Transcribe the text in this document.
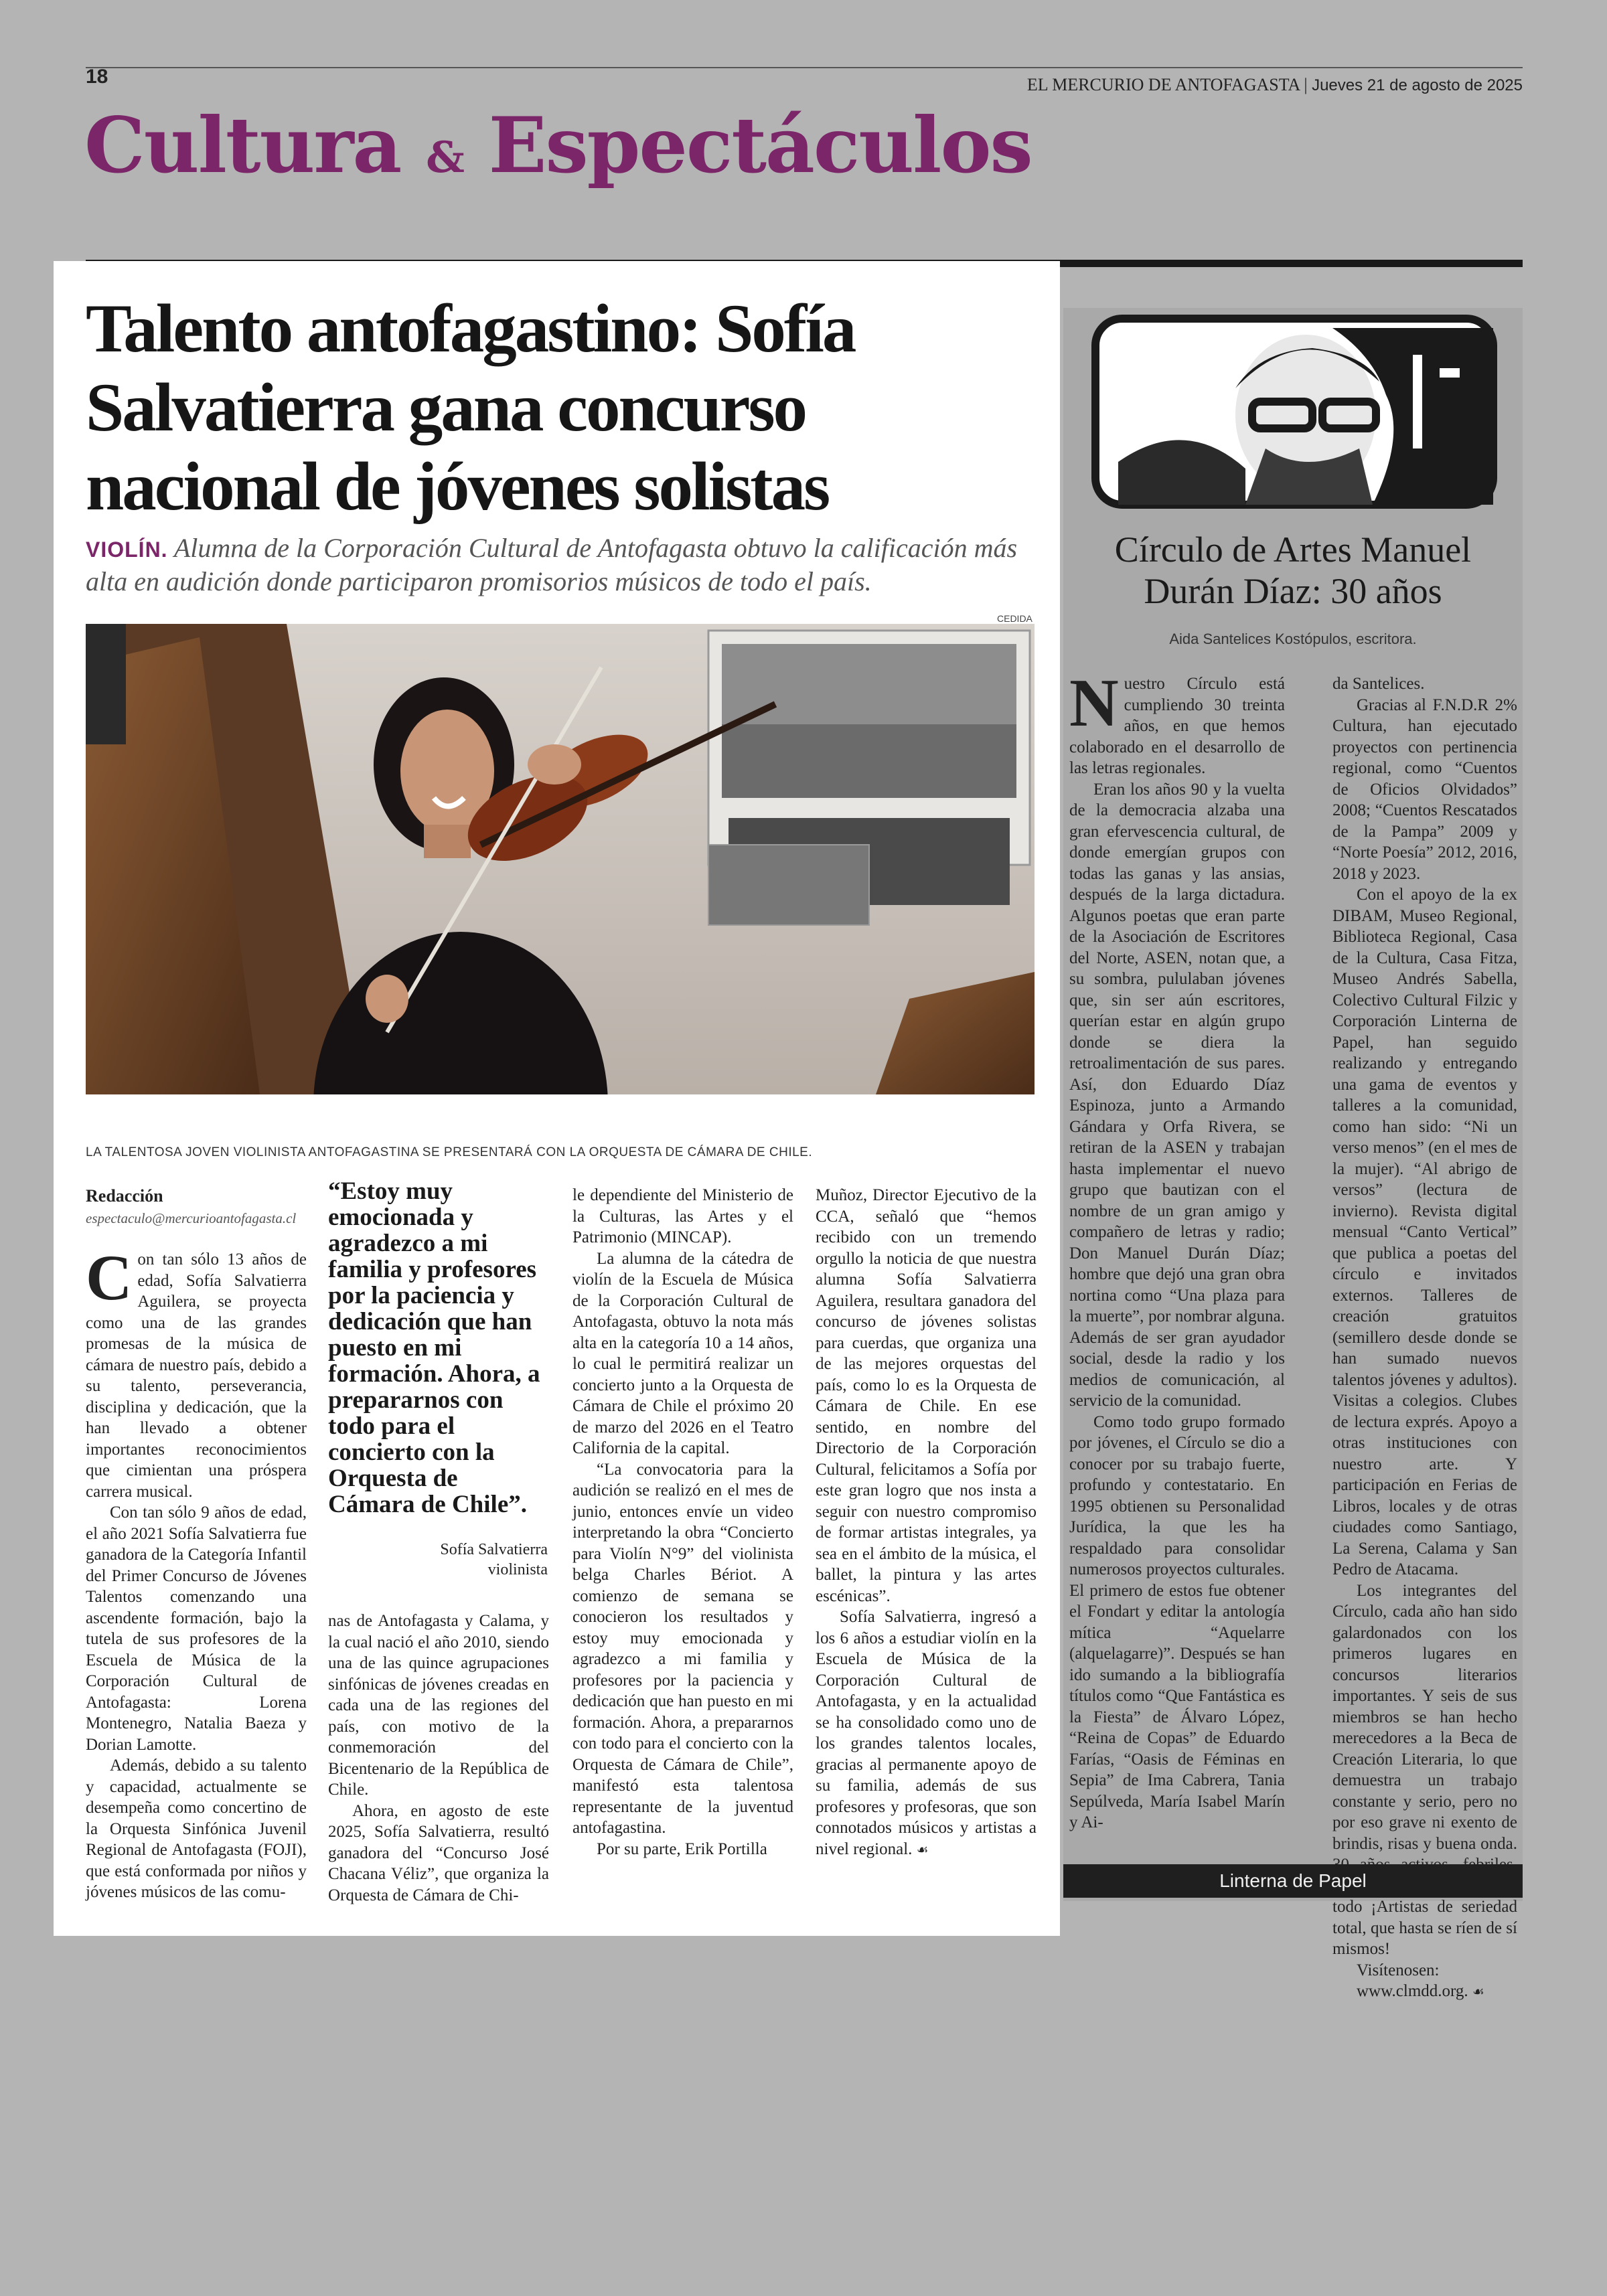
18	EL MERCURIO DE ANTOFAGASTA | Jueves 21 de agosto de 2025
Cultura & Espectáculos
Talento antofagastino: Sofía Salvatierra gana concurso nacional de jóvenes solistas
VIOLÍN. Alumna de la Corporación Cultural de Antofagasta obtuvo la calificación más alta en audición donde participaron promisorios músicos de todo el país.
CEDIDA
LA TALENTOSA JOVEN VIOLINISTA ANTOFAGASTINA SE PRESENTARÁ CON LA ORQUESTA DE CÁMARA DE CHILE.
Redacción
espectaculo@mercurioantofagasta.cl

Con tan sólo 13 años de edad, Sofía Salvatierra Aguilera, se proyecta como una de las grandes promesas de la música de cámara de nuestro país, debido a su talento, perseverancia, disciplina y dedicación, que la han llevado a obtener importantes reconocimientos que cimientan una próspera carrera musical.

Con tan sólo 9 años de edad, el año 2021 Sofía Salvatierra fue ganadora de la Categoría Infantil del Primer Concurso de Jóvenes Talentos comenzando una ascendente formación, bajo la tutela de sus profesores de la Escuela de Música de la Corporación Cultural de Antofagasta: Lorena Montenegro, Natalia Baeza y Dorian Lamotte.

Además, debido a su talento y capacidad, actualmente se desempeña como concertino de la Orquesta Sinfónica Juvenil Regional de Antofagasta (FOJI), que está conformada por niños y jóvenes músicos de las comu-

“Estoy muy emocionada y agradezco a mi familia y profesores por la paciencia y dedicación que han puesto en mi formación. Ahora, a prepararnos con todo para el concierto con la Orquesta de Cámara de Chile”.
Sofía Salvatierra
violinista

nas de Antofagasta y Calama, y la cual nació el año 2010, siendo una de las quince agrupaciones sinfónicas de jóvenes creadas en cada una de las regiones del país, con motivo de la conmemoración del Bicentenario de la República de Chile.

Ahora, en agosto de este 2025, Sofía Salvatierra, resultó ganadora del “Concurso José Chacana Véliz”, que organiza la Orquesta de Cámara de Chi-

le dependiente del Ministerio de la Culturas, las Artes y el Patrimonio (MINCAP).

La alumna de la cátedra de violín de la Escuela de Música de la Corporación Cultural de Antofagasta, obtuvo la nota más alta en la categoría 10 a 14 años, lo cual le permitirá realizar un concierto junto a la Orquesta de Cámara de Chile el próximo 20 de marzo del 2026 en el Teatro California de la capital.

“La convocatoria para la audición se realizó en el mes de junio, entonces envíe un video interpretando la obra “Concierto para Violín N°9” del violinista belga Charles Bériot. A comienzo de semana se conocieron los resultados y estoy muy emocionada y agradezco a mi familia y profesores por la paciencia y dedicación que han puesto en mi formación. Ahora, a prepararnos con todo para el concierto con la Orquesta de Cámara de Chile”, manifestó esta talentosa representante de la juventud antofagastina.

Por su parte, Erik Portilla

Muñoz, Director Ejecutivo de la CCA, señaló que “hemos recibido con un tremendo orgullo la noticia de que nuestra alumna Sofía Salvatierra Aguilera, resultara ganadora del concurso de jóvenes solistas para cuerdas, que organiza una de las mejores orquestas del país, como lo es la Orquesta de Cámara de Chile. En ese sentido, en nombre del Directorio de la Corporación Cultural, felicitamos a Sofía por este gran logro que nos insta a seguir con nuestro compromiso de formar artistas integrales, ya sea en el ámbito de la música, el ballet, la pintura y las artes escénicas”.

Sofía Salvatierra, ingresó a los 6 años a estudiar violín en la Escuela de Música de la Corporación Cultural de Antofagasta, y en la actualidad se ha consolidado como uno de los grandes talentos locales, gracias al permanente apoyo de su familia, además de sus profesores y profesoras, que son connotados músicos y artistas a nivel regional. ☙

Círculo de Artes Manuel Durán Díaz: 30 años
Aida Santelices Kostópulos, escritora.

Nuestro Círculo está cumpliendo 30 treinta años, en que hemos colaborado en el desarrollo de las letras regionales.

Eran los años 90 y la vuelta de la democracia alzaba una gran efervescencia cultural, de donde emergían grupos con todas las ganas y las ansias, después de la larga dictadura. Algunos poetas que eran parte de la Asociación de Escritores del Norte, ASEN, notan que, a su sombra, pululaban jóvenes que, sin ser aún escritores, querían estar en algún grupo donde se diera la retroalimentación de sus pares. Así, don Eduardo Díaz Espinoza, junto a Armando Gándara y Orfa Rivera, se retiran de la ASEN y trabajan hasta implementar el nuevo grupo que bautizan con el nombre de un gran amigo y compañero de letras y radio; Don Manuel Durán Díaz; hombre que dejó una gran obra nortina como “Una plaza para la muerte”, por nombrar alguna. Además de ser gran ayudador social, desde la radio y los medios de comunicación, al servicio de la comunidad.

Como todo grupo formado por jóvenes, el Círculo se dio a conocer por su trabajo fuerte, profundo y contestatario. En 1995 obtienen su Personalidad Jurídica, la que les ha respaldado para consolidar numerosos proyectos culturales. El primero de estos fue obtener el Fondart y editar la antología mítica “Aquelarre (alquelagarre)”. Después se han ido sumando a la bibliografía títulos como “Que Fantástica es la Fiesta” de Álvaro López, “Reina de Copas” de Eduardo Farías, “Oasis de Féminas en Sepia” de Ima Cabrera, Tania Sepúlveda, María Isabel Marín y Ai-

da Santelices.

Gracias al F.N.D.R 2% Cultura, han ejecutado proyectos con pertinencia regional, como “Cuentos de Oficios Olvidados” 2008; “Cuentos Rescatados de la Pampa” 2009 y “Norte Poesía” 2012, 2016, 2018 y 2023.

Con el apoyo de la ex DIBAM, Museo Regional, Biblioteca Regional, Casa de la Cultura, Casa Fitza, Museo Andrés Sabella, Colectivo Cultural Filzic y Corporación Linterna de Papel, han seguido realizando y entregando una gama de eventos y talleres a la comunidad, como han sido: “Ni un verso menos” (en el mes de la mujer). “Al abrigo de versos” (lectura de invierno). Revista digital mensual “Canto Vertical” que publica a poetas del círculo e invitados externos. Talleres de creación gratuitos (semillero desde donde se han sumado nuevos talentos jóvenes y adultos). Visitas a colegios. Clubes de lectura exprés. Apoyo a otras instituciones con nuestro arte. Y participación en Ferias de Libros, locales y de otras ciudades como Santiago, La Serena, Calama y San Pedro de Atacama.

Los integrantes del Círculo, cada año han sido galardonados con los primeros lugares en concursos literarios importantes. Y seis de sus miembros se han hecho merecedores a la Beca de Creación Literaria, lo que demuestra un trabajo constante y serio, pero no por eso grave ni exento de brindis, risas y buena onda. todo ¡Artistas de seriedad total, que hasta se ríen de sí mismos!

Visítenosen:

www.clmdd.org. ☙

Linterna de Papel
